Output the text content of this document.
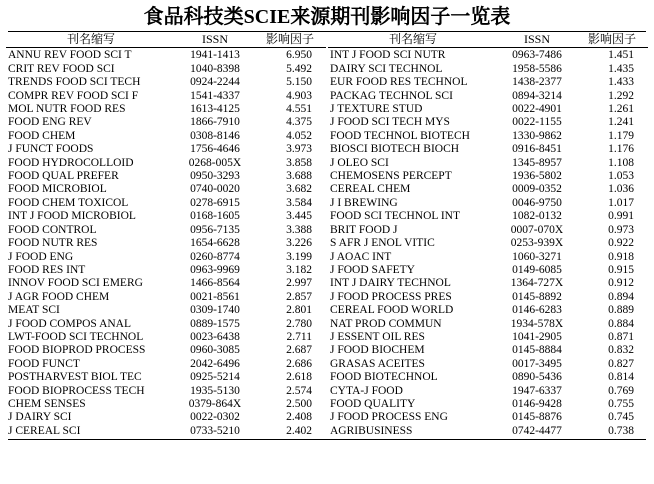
食品科技类SCIE来源期刊影响因子一览表
刊名缩写	ISSN	影响因子
ANNU REV FOOD SCI T	1941-1413	6.950
CRIT REV FOOD SCI	1040-8398	5.492
TRENDS FOOD SCI TECH	0924-2244	5.150
COMPR REV FOOD SCI F	1541-4337	4.903
MOL NUTR FOOD RES	1613-4125	4.551
FOOD ENG REV	1866-7910	4.375
FOOD CHEM	0308-8146	4.052
J FUNCT FOODS	1756-4646	3.973
FOOD HYDROCOLLOID	0268-005X	3.858
FOOD QUAL PREFER	0950-3293	3.688
FOOD MICROBIOL	0740-0020	3.682
FOOD CHEM TOXICOL	0278-6915	3.584
INT J FOOD MICROBIOL	0168-1605	3.445
FOOD CONTROL	0956-7135	3.388
FOOD NUTR RES	1654-6628	3.226
J FOOD ENG	0260-8774	3.199
FOOD RES INT	0963-9969	3.182
INNOV FOOD SCI EMERG	1466-8564	2.997
J AGR FOOD CHEM	0021-8561	2.857
MEAT SCI	0309-1740	2.801
J FOOD COMPOS ANAL	0889-1575	2.780
LWT-FOOD SCI TECHNOL	0023-6438	2.711
FOOD BIOPROD PROCESS	0960-3085	2.687
FOOD FUNCT	2042-6496	2.686
POSTHARVEST BIOL TEC	0925-5214	2.618
FOOD BIOPROCESS TECH	1935-5130	2.574
CHEM SENSES	0379-864X	2.500
J DAIRY SCI	0022-0302	2.408
J CEREAL SCI	0733-5210	2.402
刊名缩写	ISSN	影响因子
INT J FOOD SCI NUTR	0963-7486	1.451
DAIRY SCI TECHNOL	1958-5586	1.435
EUR FOOD RES TECHNOL	1438-2377	1.433
PACKAG TECHNOL SCI	0894-3214	1.292
J TEXTURE STUD	0022-4901	1.261
J FOOD SCI TECH MYS	0022-1155	1.241
FOOD TECHNOL BIOTECH	1330-9862	1.179
BIOSCI BIOTECH BIOCH	0916-8451	1.176
J OLEO SCI	1345-8957	1.108
CHEMOSENS PERCEPT	1936-5802	1.053
CEREAL CHEM	0009-0352	1.036
J I BREWING	0046-9750	1.017
FOOD SCI TECHNOL INT	1082-0132	0.991
BRIT FOOD J	0007-070X	0.973
S AFR J ENOL VITIC	0253-939X	0.922
J AOAC INT	1060-3271	0.918
J FOOD SAFETY	0149-6085	0.915
INT J DAIRY TECHNOL	1364-727X	0.912
J FOOD PROCESS PRES	0145-8892	0.894
CEREAL FOOD WORLD	0146-6283	0.889
NAT PROD COMMUN	1934-578X	0.884
J ESSENT OIL RES	1041-2905	0.871
J FOOD BIOCHEM	0145-8884	0.832
GRASAS ACEITES	0017-3495	0.827
FOOD BIOTECHNOL	0890-5436	0.814
CYTA-J FOOD	1947-6337	0.769
FOOD QUALITY	0146-9428	0.755
J FOOD PROCESS ENG	0145-8876	0.745
AGRIBUSINESS	0742-4477	0.738
